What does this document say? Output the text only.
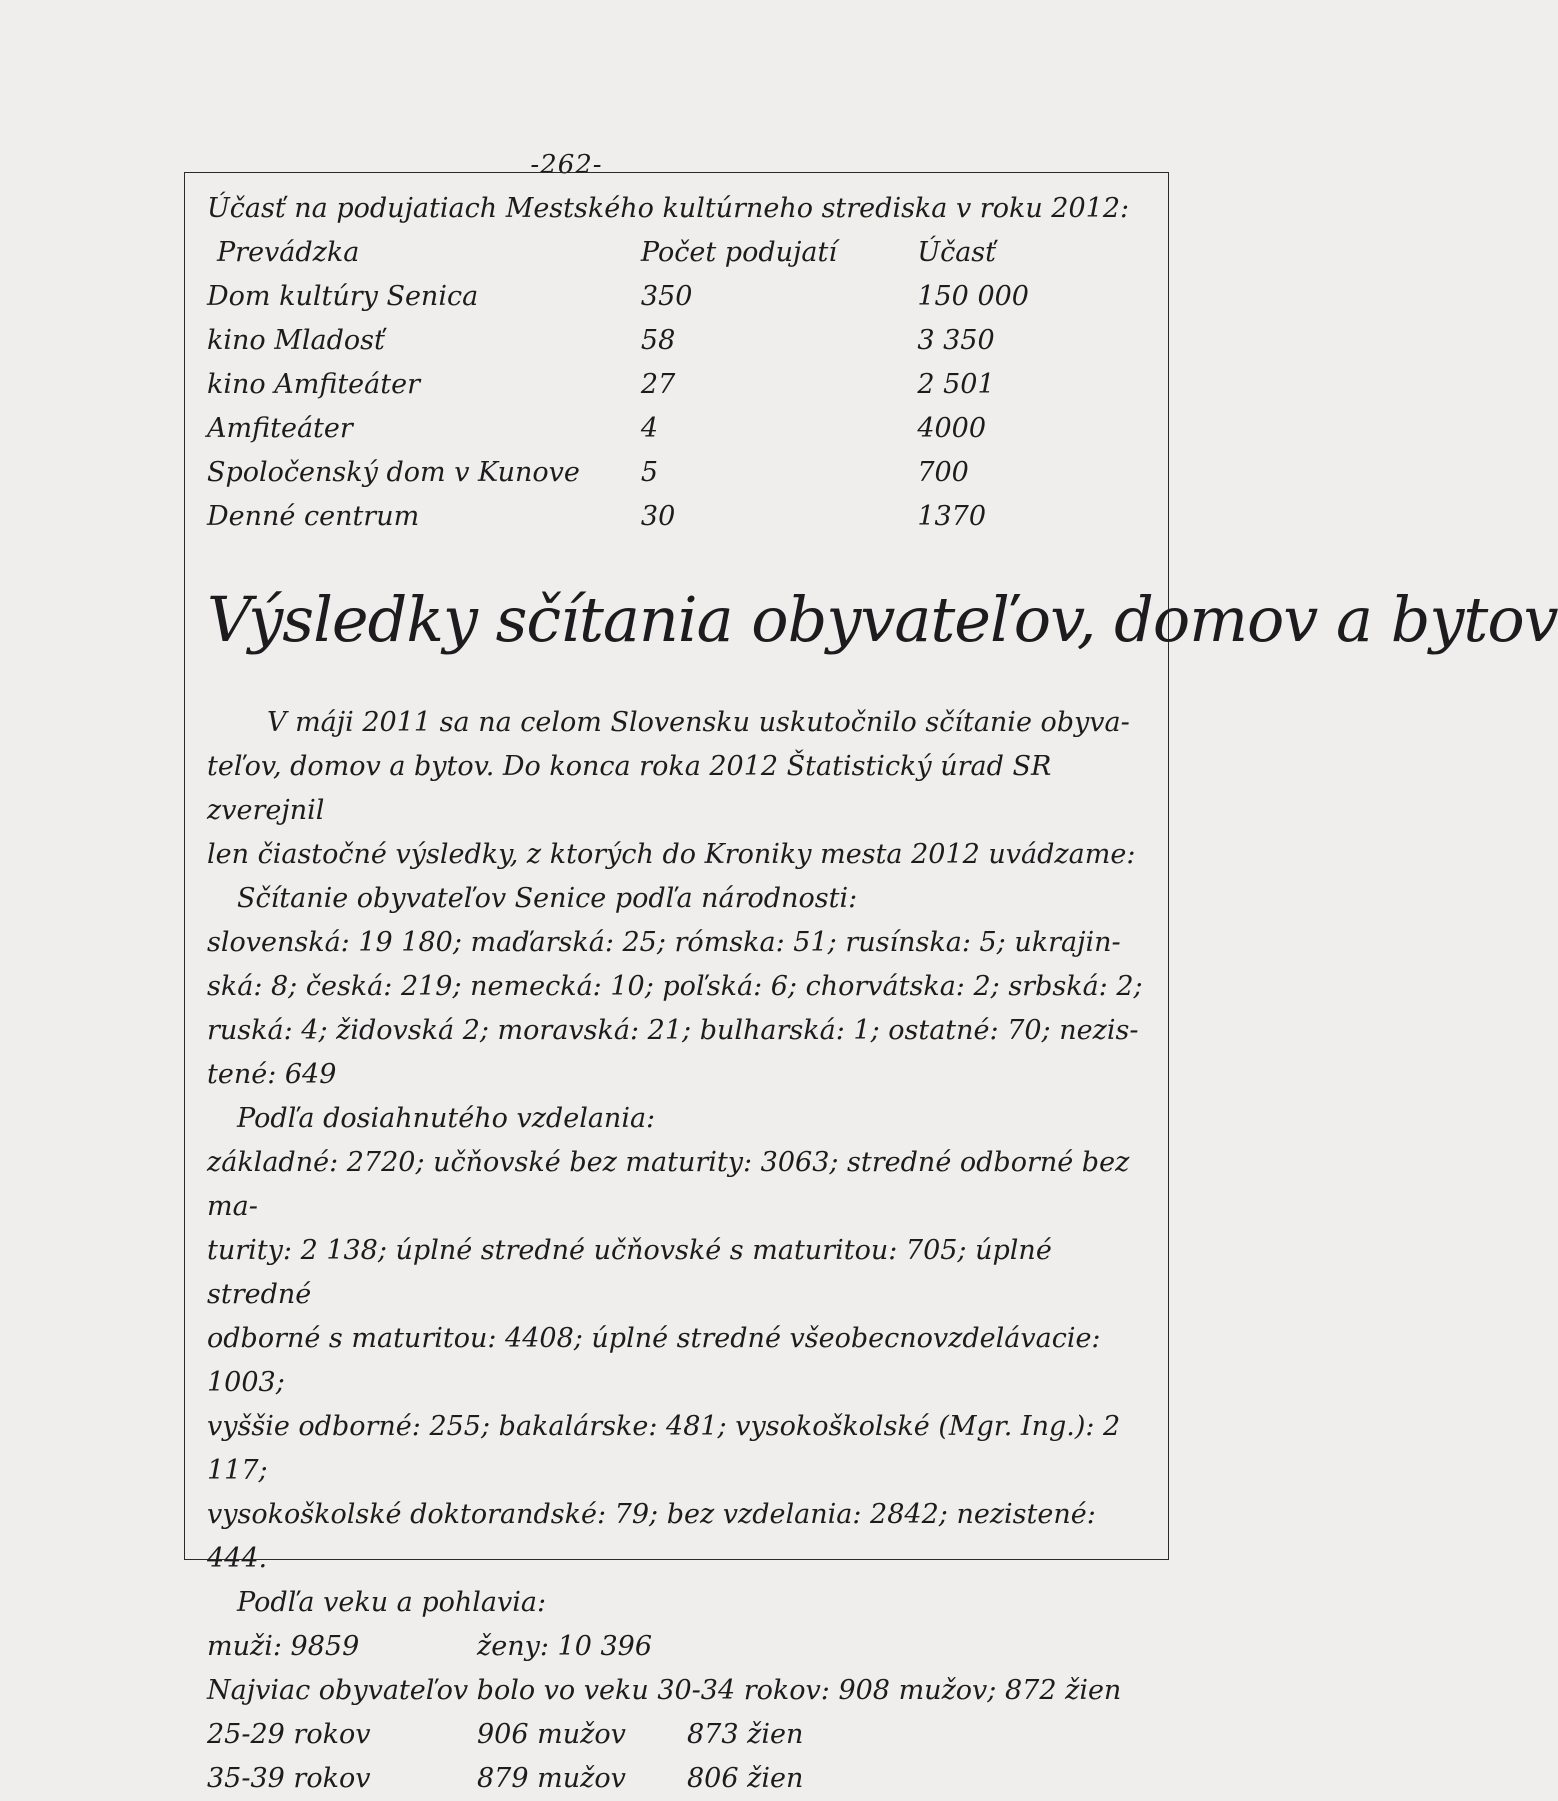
-262-
Účasť na podujatiach Mestského kultúrneho strediska v roku 2012:
Prevádzka	Počet podujatí	Účasť
Dom kultúry Senica	350	150 000
kino Mladosť	58	3 350
kino Amfiteáter	27	2 501
Amfiteáter	4	4000
Spoločenský dom v Kunove	5	700
Denné centrum	30	1370
Výsledky sčítania obyvateľov, domov a bytov
V máji 2011 sa na celom Slovensku uskutočnilo sčítanie obyva-
teľov, domov a bytov. Do konca roka 2012 Štatistický úrad SR zverejnil
len čiastočné výsledky, z ktorých do Kroniky mesta 2012 uvádzame:
Sčítanie obyvateľov Senice podľa národnosti:
slovenská: 19 180; maďarská: 25; rómska: 51; rusínska: 5; ukrajin-
ská: 8; česká: 219; nemecká: 10; poľská: 6; chorvátska: 2; srbská: 2;
ruská: 4; židovská 2; moravská: 21; bulharská: 1; ostatné: 70; nezis-
tené: 649
Podľa dosiahnutého vzdelania:
základné: 2720; učňovské bez maturity: 3063; stredné odborné bez ma-
turity: 2 138; úplné stredné učňovské s maturitou: 705; úplné stredné
odborné s maturitou: 4408; úplné stredné všeobecnovzdelávacie: 1003;
vyššie odborné: 255; bakalárske: 481; vysokoškolské (Mgr. Ing.): 2 117;
vysokoškolské doktorandské: 79; bez vzdelania: 2842; nezistené: 444.
Podľa veku a pohlavia:
muži: 9859	ženy: 10 396
Najviac obyvateľov bolo vo veku 30-34 rokov: 908 mužov; 872 žien
25-29 rokov	906 mužov	873 žien
35-39 rokov	879 mužov	806 žien
